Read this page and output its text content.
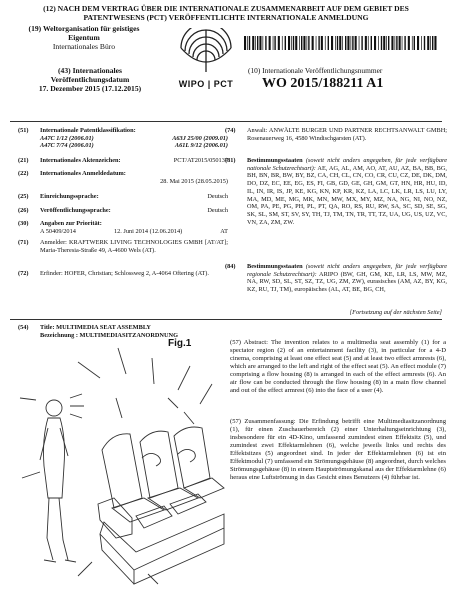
(12) NACH DEM VERTRAG ÜBER DIE INTERNATIONALE ZUSAMMENARBEIT AUF DEM GEBIET DES
PATENTWESENS (PCT) VERÖFFENTLICHTE INTERNATIONALE ANMELDUNG
(19) Weltorganisation für geistiges
Eigentum
Internationales Büro
WIPO | PCT
(10) Internationale Veröffentlichungsnummer
WO 2015/188211 A1
(43) Internationales
Veröffentlichungsdatum
17. Dezember 2015 (17.12.2015)
(51) Internationale Patentklassifikation:
A47C 1/12 (2006.01)	A63J 25/00 (2009.01)
A47C 7/74 (2006.01)	A61L 9/12 (2006.01)
(21) Internationales Aktenzeichen:	PCT/AT2015/050137
(22) Internationales Anmeldedatum:
28. Mai 2015 (28.05.2015)
(25) Einreichungssprache:	Deutsch
(26) Veröffentlichungssprache:	Deutsch
(30) Angaben zur Priorität:
A 50409/2014	12. Juni 2014 (12.06.2014)	AT
(71)	Anmelder: KRAFTWERK LIVING TECHNOLOGIES GMBH [AT/AT]; Maria-Theresia-Straße 49, A-4600 Wels (AT).
(72)	Erfinder: HOFER, Christian; Schlossweg 2, A-4064 Oftering (AT).
(74)	Anwalt: ANWÄLTE BURGER UND PARTNER RECHTSANWALT GMBH; Rosenauerweg 16, 4580 Windischgarsten (AT).
(81)	Bestimmungsstaaten (soweit nicht anders angegeben, für jede verfügbare nationale Schutzrechtsart): AE, AG, AL, AM, AO, AT, AU, AZ, BA, BB, BG, BH, BN, BR, BW, BY, BZ, CA, CH, CL, CN, CO, CR, CU, CZ, DE, DK, DM, DO, DZ, EC, EE, EG, ES, FI, GB, GD, GE, GH, GM, GT, HN, HR, HU, ID, IL, IN, IR, IS, JP, KE, KG, KN, KP, KR, KZ, LA, LC, LK, LR, LS, LU, LY, MA, MD, ME, MG, MK, MN, MW, MX, MY, MZ, NA, NG, NI, NO, NZ, OM, PA, PE, PG, PH, PL, PT, QA, RO, RS, RU, RW, SA, SC, SD, SE, SG, SK, SL, SM, ST, SV, SY, TH, TJ, TM, TN, TR, TT, TZ, UA, UG, US, UZ, VC, VN, ZA, ZM, ZW.
(84)	Bestimmungsstaaten (soweit nicht anders angegeben, für jede verfügbare regionale Schutzrechtsart): ARIPO (BW, GH, GM, KE, LR, LS, MW, MZ, NA, RW, SD, SL, ST, SZ, TZ, UG, ZM, ZW), eurasisches (AM, AZ, BY, KG, KZ, RU, TJ, TM), europäisches (AL, AT, BE, BG, CH,
[Fortsetzung auf der nächsten Seite]
(54) Title: MULTIMEDIA SEAT ASSEMBLY
Bezeichnung : MULTIMEDIASITZANORDNUNG
Fig.1	(57) Abstract: The invention relates to a multimedia seat assembly (1) for a spectator region (2) of an entertainment facility (3), in particular for a 4-D cinema, comprising at least one effect seat (5) and at least two effect armrests (6), which are arranged to the left and right of the effect seat (5). An effect module (7) comprising a flow housing (8) is arranged in each of the effect armrests (6). An air flow can be conducted through the flow housing (8) in a main flow channel and out of the effect armrest (6) into the face of a user (4).
(57) Zusammenfassung: Die Erfindung betrifft eine Multimediasitzanordnung (1), für einen Zuschauerbereich (2) einer Unterhaltungseinrichtung (3), insbesondere für ein 4D-Kino, umfassend zumindest einen Effektsitz (5), und zumindest zwei Effektarmlehnen (6), welche jeweils links und rechts des Effektsitzes (5) angeordnet sind. In jeder der Effektarmlehnen (6) ist ein Effektmodul (7) umfassend ein Strömungsgehäuse (8) angeordnet, durch welches Strömungsgehäuse (8) in einem Hauptströmungskanal aus der Effektarmlehne (6) heraus eine Luftströmung in das Gesicht eines Benutzers (4) führbar ist.
